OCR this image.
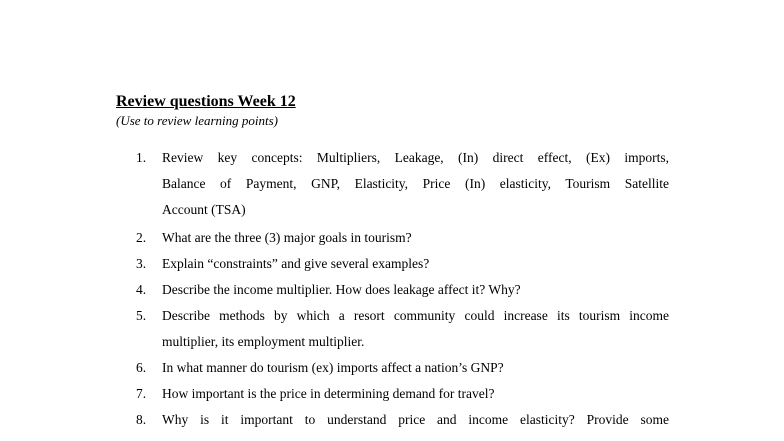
Review questions Week 12
(Use to review learning points)
1.	Review key concepts: Multipliers, Leakage, (In) direct effect, (Ex) imports,
Balance of Payment, GNP, Elasticity, Price (In) elasticity, Tourism Satellite
Account (TSA)
2.	What are the three (3) major goals in tourism?
3.	Explain “constraints” and give several examples?
4.	Describe the income multiplier. How does leakage affect it? Why?
5.	Describe methods by which a resort community could increase its tourism income
multiplier, its employment multiplier.
6.	In what manner do tourism (ex) imports affect a nation’s GNP?
7.	How important is the price in determining demand for travel?
8.	Why is it important to understand price and income elasticity? Provide some
